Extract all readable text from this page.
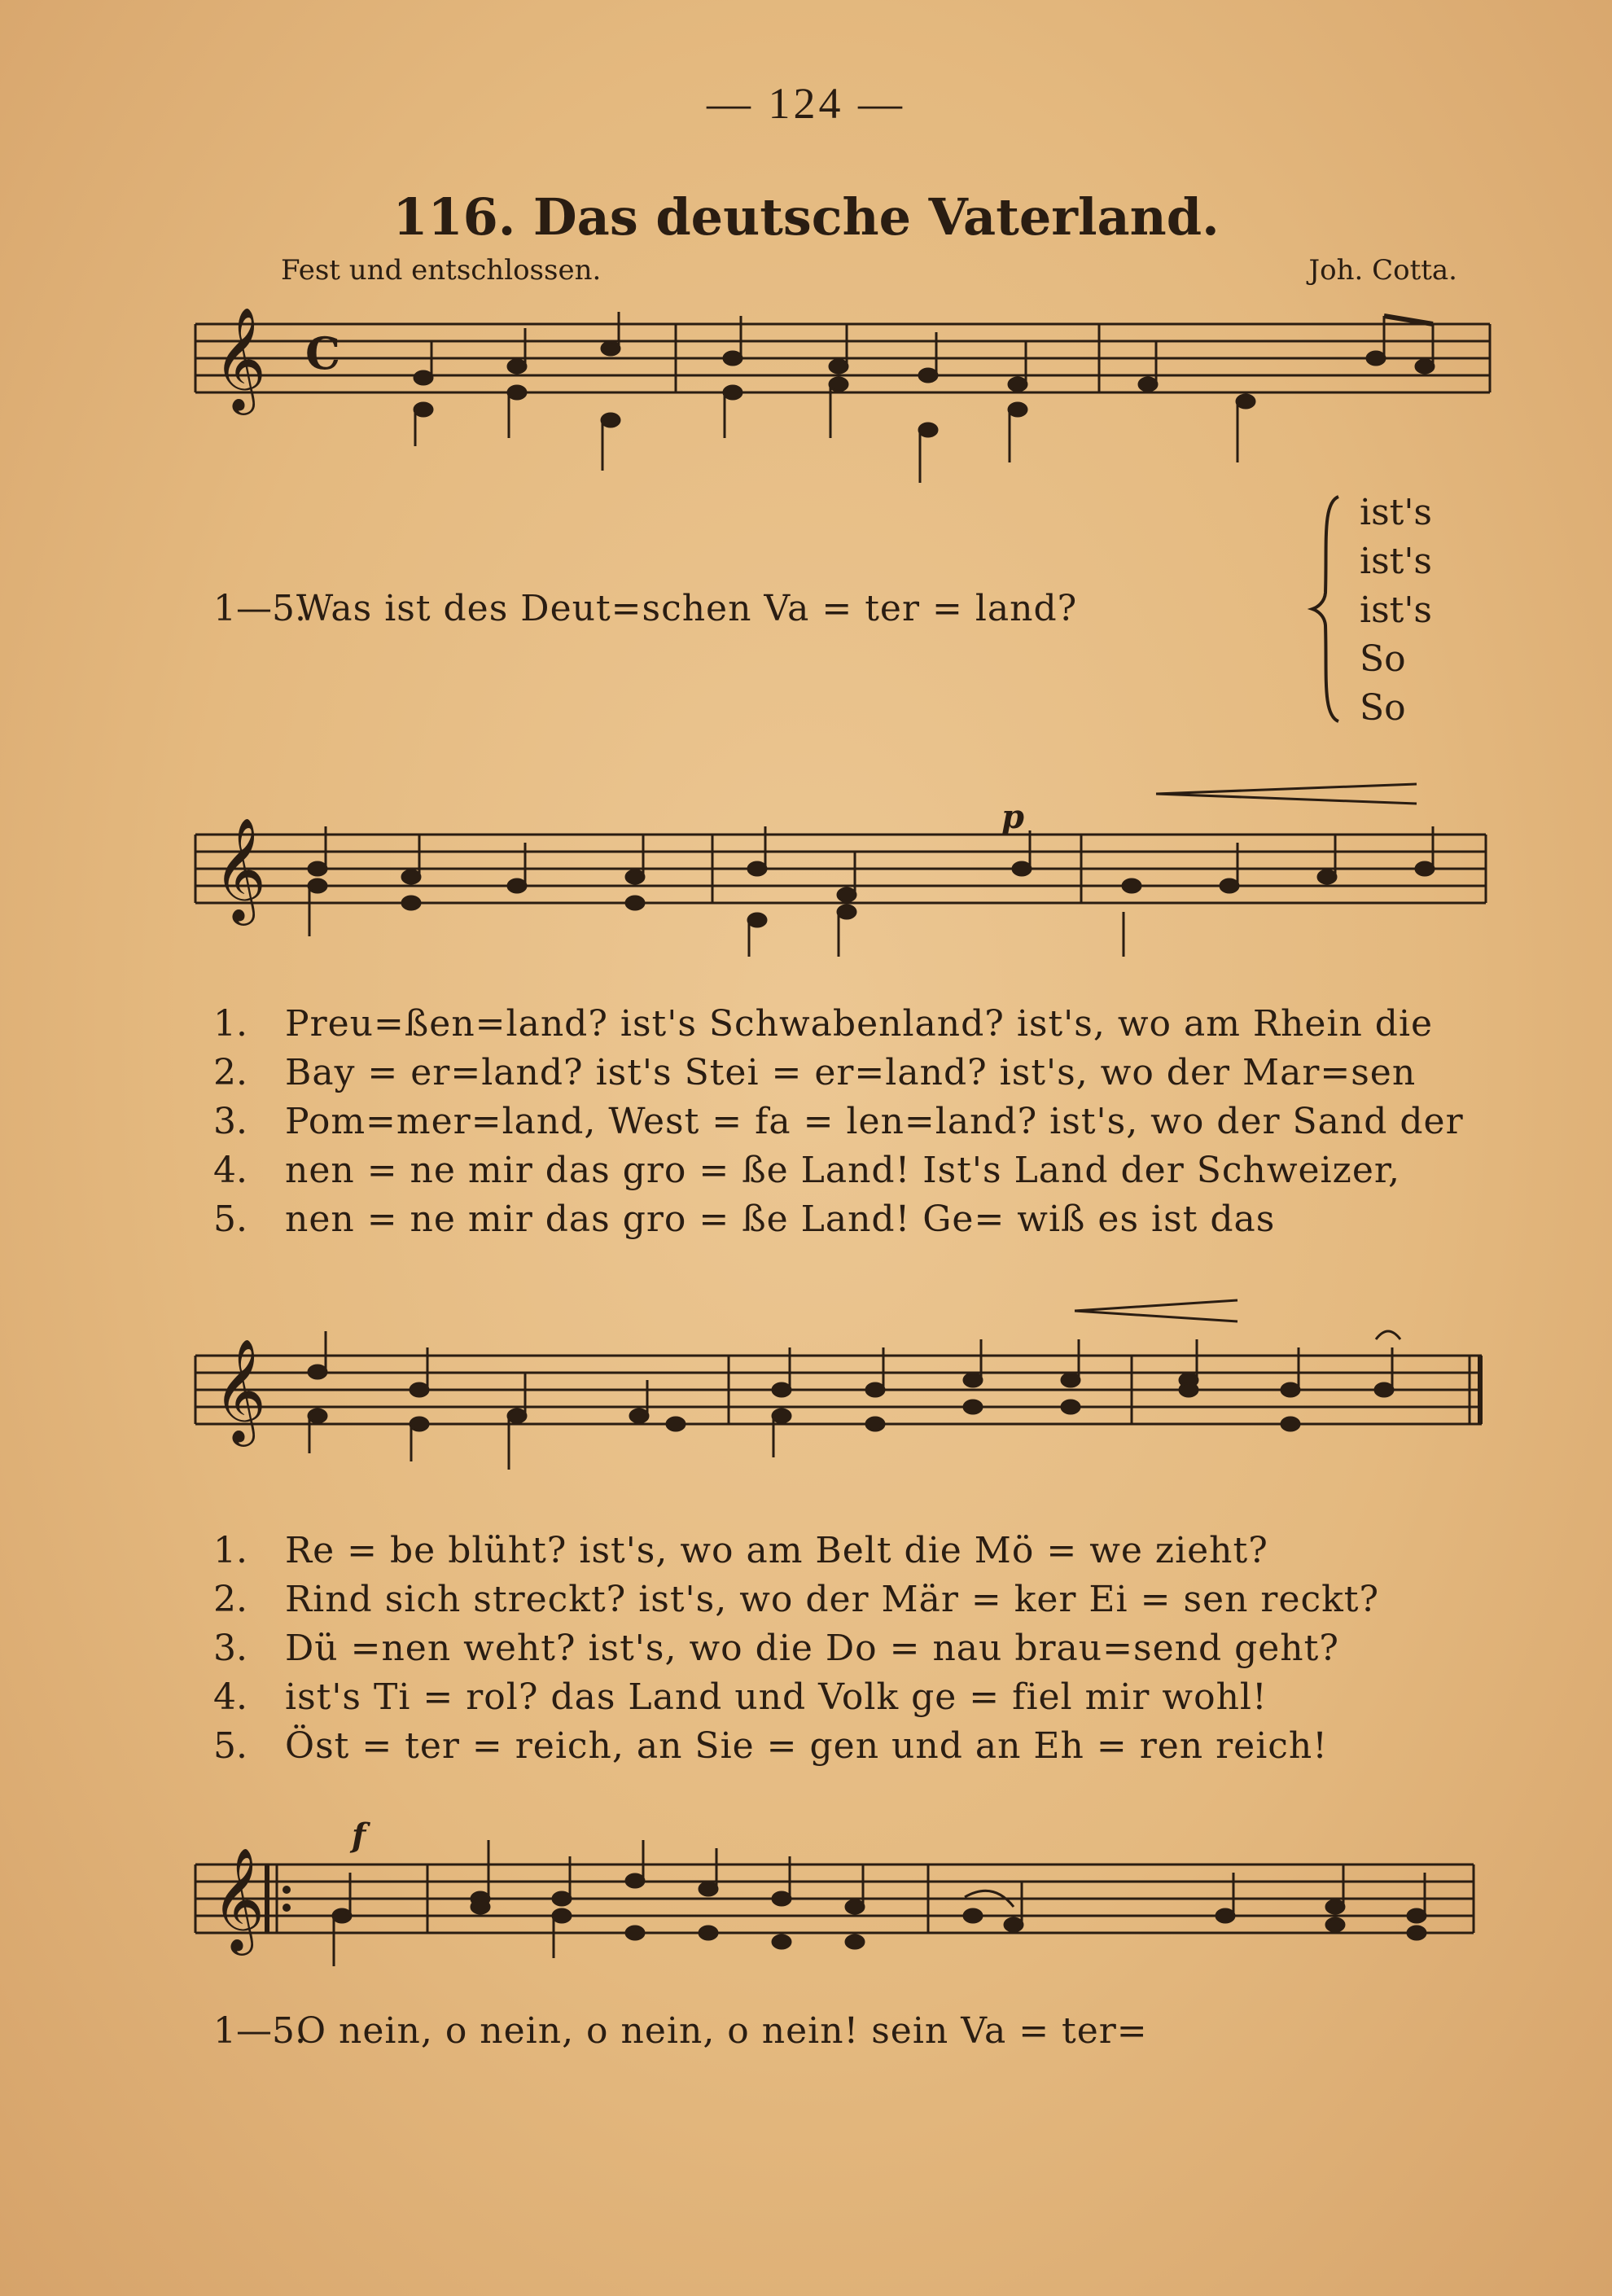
— 124 —
116. Das deutsche Vaterland.
Fest und entschlossen.	Joh. Cotta.
𝄞 C
1—5. Was ist des Deut=schen Va = ter = land?
ist's
ist's
ist's
So
So
𝄞	p
1. Preu=ßen=land? ist's Schwabenland? ist's, wo am Rhein die
2. Bay = er=land? ist's Stei = er=land? ist's, wo der Mar=sen
3. Pom=mer=land, West = fa = len=land? ist's, wo der Sand der
4. nen = ne mir das gro = ße Land! Ist's Land der Schweizer,
5. nen = ne mir das gro = ße Land! Ge= wiß es ist das
𝄞
1. Re = be blüht? ist's, wo am Belt die Mö = we zieht?
2. Rind sich streckt? ist's, wo der Mär = ker Ei = sen reckt?
3. Dü =nen weht? ist's, wo die Do = nau brau=send geht?
4. ist's Ti = rol? das Land und Volk ge = fiel mir wohl!
5. Öst = ter = reich, an Sie = gen und an Eh = ren reich!
𝄞
f
1—5. O nein, o nein, o nein, o nein! sein Va = ter=
